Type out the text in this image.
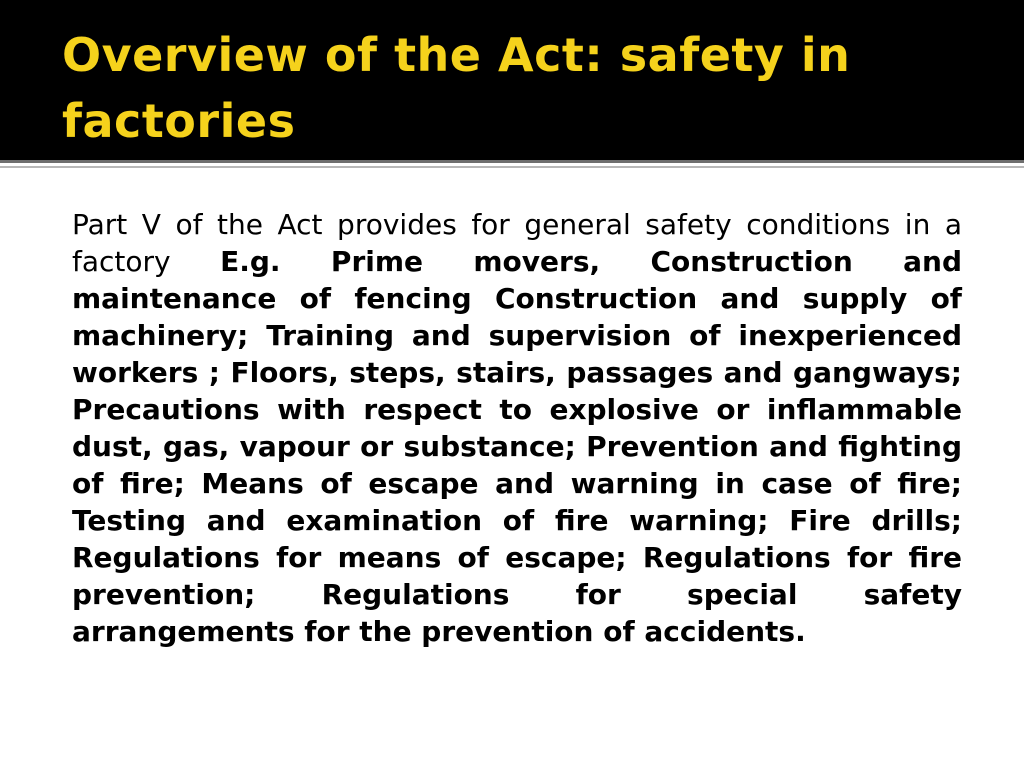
Overview of the Act: safety in factories

Part V of the Act provides for general safety conditions in a factory E.g. Prime movers, Construction and maintenance of fencing Construction and supply of machinery; Training and supervision of inexperienced workers ; Floors, steps, stairs, passages and gangways; Precautions with respect to explosive or inflammable dust, gas, vapour or substance; Prevention and fighting of fire; Means of escape and warning in case of fire; Testing and examination of fire warning; Fire drills; Regulations for means of escape; Regulations for fire prevention; Regulations for special safety arrangements for the prevention of accidents.
